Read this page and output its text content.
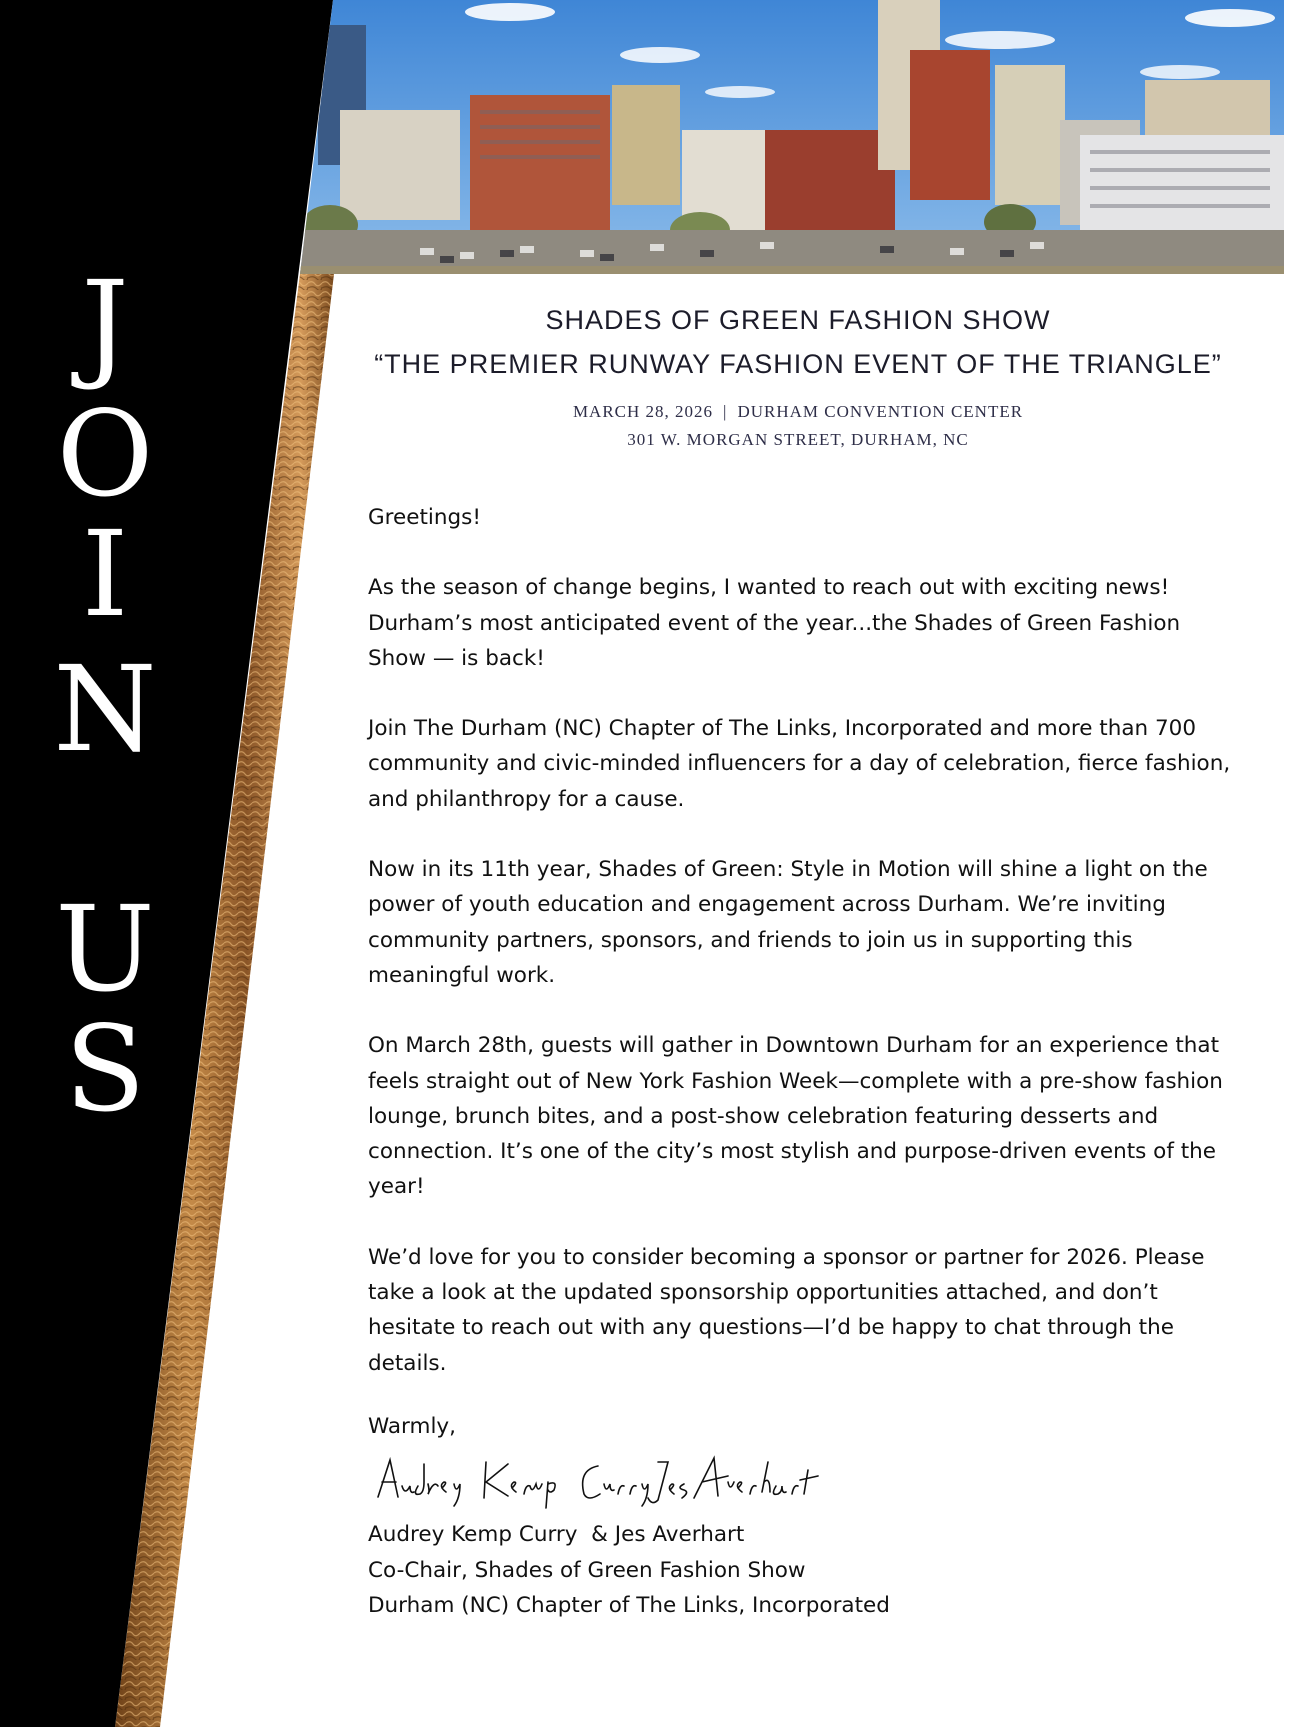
J
O
I
N
U
S
SHADES OF GREEN FASHION SHOW
“THE PREMIER RUNWAY FASHION EVENT OF THE TRIANGLE”
MARCH 28, 2026 | DURHAM CONVENTION CENTER
301 W. MORGAN STREET, DURHAM, NC

Greetings!

As the season of change begins, I wanted to reach out with exciting news! Durham’s most anticipated event of the year...the Shades of Green Fashion Show — is back!

Join The Durham (NC) Chapter of The Links, Incorporated and more than 700 community and civic-minded influencers for a day of celebration, fierce fashion, and philanthropy for a cause.

Now in its 11th year, Shades of Green: Style in Motion will shine a light on the power of youth education and engagement across Durham. We’re inviting community partners, sponsors, and friends to join us in supporting this meaningful work.

On March 28th, guests will gather in Downtown Durham for an experience that feels straight out of New York Fashion Week—complete with a pre-show fashion lounge, brunch bites, and a post-show celebration featuring desserts and connection. It’s one of the city’s most stylish and purpose-driven events of the year!

We’d love for you to consider becoming a sponsor or partner for 2026. Please take a look at the updated sponsorship opportunities attached, and don’t hesitate to reach out with any questions—I’d be happy to chat through the details.

Warmly,

Audrey Kemp Curry  & Jes Averhart
Co-Chair, Shades of Green Fashion Show
Durham (NC) Chapter of The Links, Incorporated
